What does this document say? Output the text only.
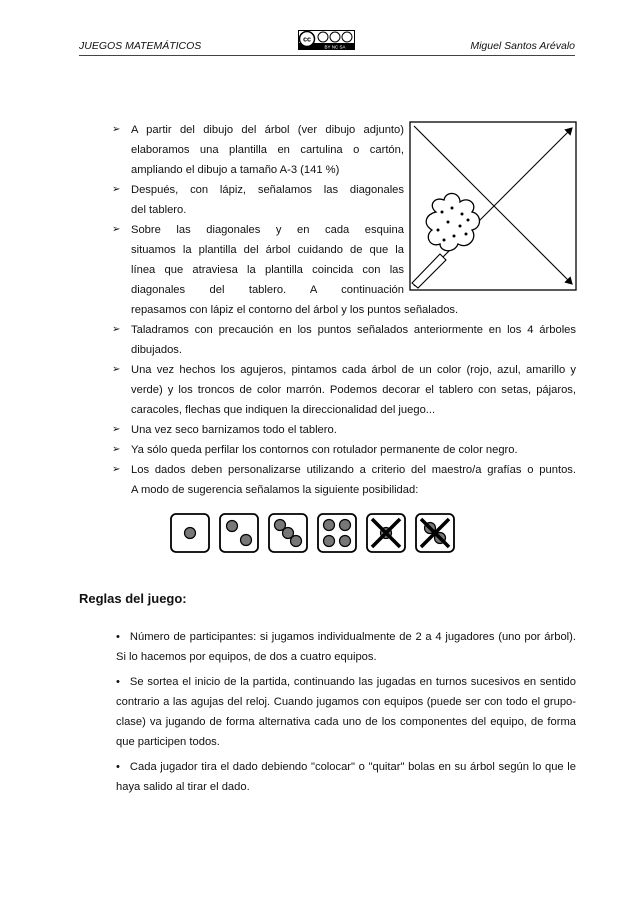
JUEGOS MATEMÁTICOS	cc
BY NC SA	Miguel Santos Arévalo
➢ A partir del dibujo del árbol (ver dibujo adjunto)
elaboramos una plantilla en cartulina o cartón,
ampliando el dibujo a tamaño A-3 (141 %)
➢ Después, con lápiz, señalamos las diagonales
del tablero.
➢ Sobre las diagonales y en cada esquina
situamos la plantilla del árbol cuidando de que la
línea que atraviesa la plantilla coincida con las
diagonales del tablero. A continuación
repasamos con lápiz el contorno del árbol y los puntos señalados.
➢ Taladramos con precaución en los puntos señalados anteriormente en los 4 árboles
dibujados.
➢ Una vez hechos los agujeros, pintamos cada árbol de un color (rojo, azul, amarillo y
verde) y los troncos de color marrón. Podemos decorar el tablero con setas, pájaros,
caracoles, flechas que indiquen la direccionalidad del juego...
➢ Una vez seco barnizamos todo el tablero.
➢ Ya sólo queda perfilar los contornos con rotulador permanente de color negro.
➢ Los dados deben personalizarse utilizando a criterio del maestro/a grafías o puntos.
A modo de sugerencia señalamos la siguiente posibilidad:
Reglas del juego:
• Número de participantes: si jugamos individualmente de 2 a 4 jugadores (uno por árbol). Si lo hacemos por equipos, de dos a cuatro equipos.
• Se sortea el inicio de la partida, continuando las jugadas en turnos sucesivos en sentido contrario a las agujas del reloj. Cuando jugamos con equipos (puede ser con todo el grupo-clase) va jugando de forma alternativa cada uno de los componentes del equipo, de forma que participen todos.
• Cada jugador tira el dado debiendo "colocar" o "quitar" bolas en su árbol según lo que le haya salido al tirar el dado.
